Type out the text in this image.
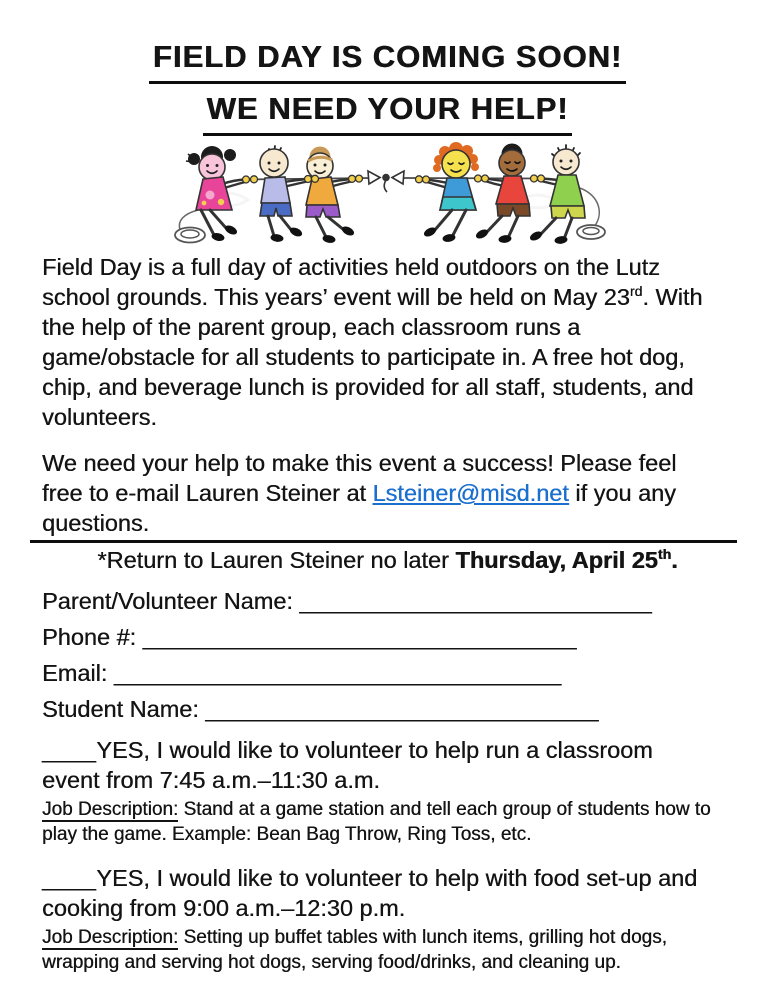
FIELD DAY IS COMING SOON!
WE NEED YOUR HELP!
Field Day is a full day of activities held outdoors on the Lutz
school grounds. This years’ event will be held on May 23rd. With
the help of the parent group, each classroom runs a
game/obstacle for all students to participate in. A free hot dog,
chip, and beverage lunch is provided for all staff, students, and
volunteers.
We need your help to make this event a success! Please feel
free to e-mail Lauren Steiner at Lsteiner@misd.net if you any
questions.
*Return to Lauren Steiner no later Thursday, April 25th.
Parent/Volunteer Name: __________________________
Phone #: ________________________________
Email: _________________________________
Student Name: _____________________________
____YES, I would like to volunteer to help run a classroom
event from 7:45 a.m.–11:30 a.m.
Job Description: Stand at a game station and tell each group of students how to
play the game. Example: Bean Bag Throw, Ring Toss, etc.
____YES, I would like to volunteer to help with food set-up and
cooking from 9:00 a.m.–12:30 p.m.
Job Description: Setting up buffet tables with lunch items, grilling hot dogs,
wrapping and serving hot dogs, serving food/drinks, and cleaning up.
